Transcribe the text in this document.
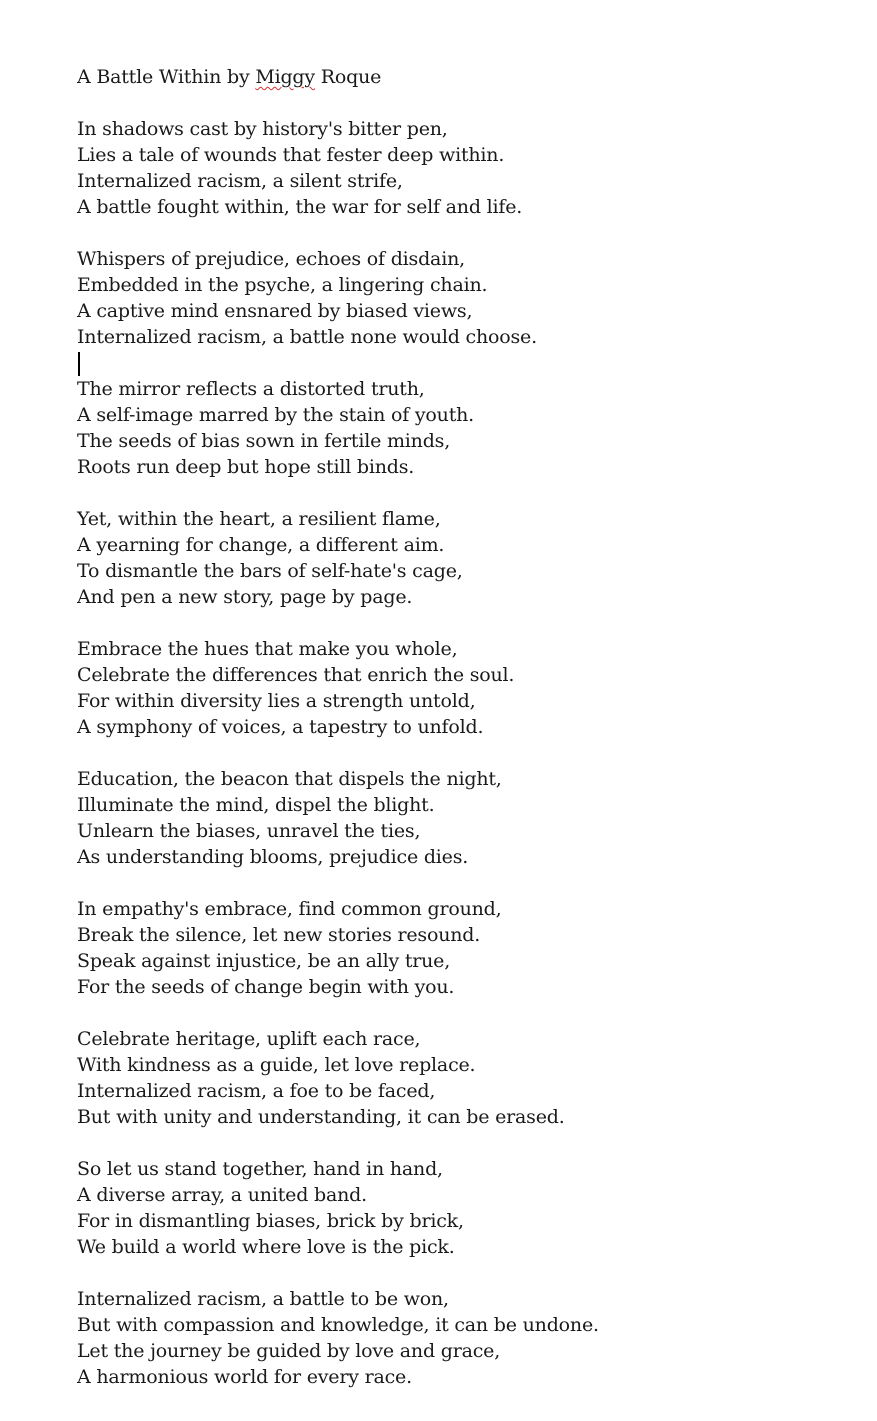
A Battle Within by Miggy Roque
In shadows cast by history's bitter pen,
Lies a tale of wounds that fester deep within.
Internalized racism, a silent strife,
A battle fought within, the war for self and life.
Whispers of prejudice, echoes of disdain,
Embedded in the psyche, a lingering chain.
A captive mind ensnared by biased views,
Internalized racism, a battle none would choose.
The mirror reflects a distorted truth,
A self-image marred by the stain of youth.
The seeds of bias sown in fertile minds,
Roots run deep but hope still binds.
Yet, within the heart, a resilient flame,
A yearning for change, a different aim.
To dismantle the bars of self-hate's cage,
And pen a new story, page by page.
Embrace the hues that make you whole,
Celebrate the differences that enrich the soul.
For within diversity lies a strength untold,
A symphony of voices, a tapestry to unfold.
Education, the beacon that dispels the night,
Illuminate the mind, dispel the blight.
Unlearn the biases, unravel the ties,
As understanding blooms, prejudice dies.
In empathy's embrace, find common ground,
Break the silence, let new stories resound.
Speak against injustice, be an ally true,
For the seeds of change begin with you.
Celebrate heritage, uplift each race,
With kindness as a guide, let love replace.
Internalized racism, a foe to be faced,
But with unity and understanding, it can be erased.
So let us stand together, hand in hand,
A diverse array, a united band.
For in dismantling biases, brick by brick,
We build a world where love is the pick.
Internalized racism, a battle to be won,
But with compassion and knowledge, it can be undone.
Let the journey be guided by love and grace,
A harmonious world for every race.
